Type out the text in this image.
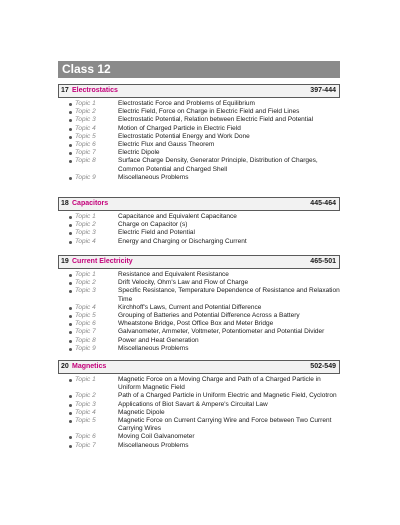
Class 12
17 Electrostatics	397-444
Topic 1	Electrostatic Force and Problems of Equilibrium
Topic 2	Electric Field, Force on Charge in Electric Field and Field Lines
Topic 3	Electrostatic Potential, Relation between Electric Field and Potential
Topic 4	Motion of Charged Particle in Electric Field
Topic 5	Electrostatic Potential Energy and Work Done
Topic 6	Electric Flux and Gauss Theorem
Topic 7	Electric Dipole
Topic 8	Surface Charge Density, Generator Principle, Distribution of Charges, Common Potential and Charged Shell
Topic 9	Miscellaneous Problems
18 Capacitors	445-464
Topic 1	Capacitance and Equivalent Capacitance
Topic 2	Charge on Capacitor (s)
Topic 3	Electric Field and Potential
Topic 4	Energy and Charging or Discharging Current
19 Current Electricity	465-501
Topic 1	Resistance and Equivalent Resistance
Topic 2	Drift Velocity, Ohm's Law and Flow of Charge
Topic 3	Specific Resistance, Temperature Dependence of Resistance and Relaxation Time
Topic 4	Kirchhoff's Laws, Current and Potential Difference
Topic 5	Grouping of Batteries and Potential Difference Across a Battery
Topic 6	Wheatstone Bridge, Post Office Box and Meter Bridge
Topic 7	Galvanometer, Ammeter, Voltmeter, Potentiometer and Potential Divider
Topic 8	Power and Heat Generation
Topic 9	Miscellaneous Problems
20 Magnetics	502-549
Topic 1	Magnetic Force on a Moving Charge and Path of a Charged Particle in Uniform Magnetic Field
Topic 2	Path of a Charged Particle in Uniform Electric and Magnetic Field, Cyclotron
Topic 3	Applications of Biot Savart & Ampere's Circuital Law
Topic 4	Magnetic Dipole
Topic 5	Magnetic Force on Current Carrying Wire and Force between Two Current Carrying Wires
Topic 6	Moving Coil Galvanometer
Topic 7	Miscellaneous Problems
